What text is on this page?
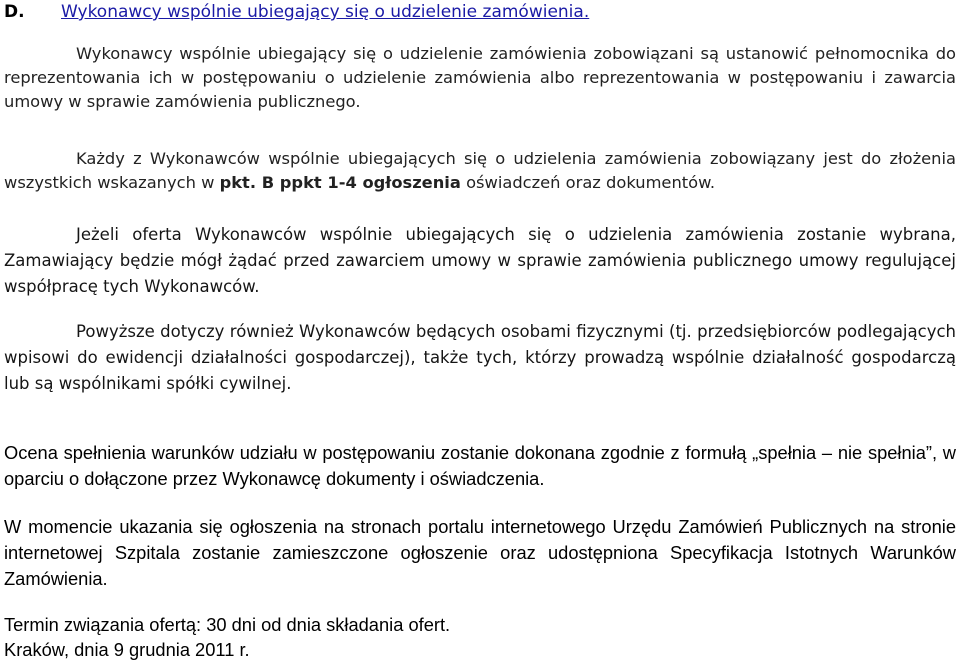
D. Wykonawcy wspólnie ubiegający się o udzielenie zamówienia.
Wykonawcy wspólnie ubiegający się o udzielenie zamówienia zobowiązani są ustanowić pełnomocnika do reprezentowania ich w postępowaniu o udzielenie zamówienia albo reprezentowania w postępowaniu i zawarcia umowy w sprawie zamówienia publicznego.
Każdy z Wykonawców wspólnie ubiegających się o udzielenia zamówienia zobowiązany jest do złożenia wszystkich wskazanych w pkt. B ppkt 1-4 ogłoszenia oświadczeń oraz dokumentów.
Jeżeli oferta Wykonawców wspólnie ubiegających się o udzielenia zamówienia zostanie wybrana, Zamawiający będzie mógł żądać przed zawarciem umowy w sprawie zamówienia publicznego umowy regulującej współpracę tych Wykonawców.
Powyższe dotyczy również Wykonawców będących osobami fizycznymi (tj. przedsiębiorców podlegających wpisowi do ewidencji działalności gospodarczej), także tych, którzy prowadzą wspólnie działalność gospodarczą lub są wspólnikami spółki cywilnej.
Ocena spełnienia warunków udziału w postępowaniu zostanie dokonana zgodnie z formułą „spełnia – nie spełnia”, w oparciu o dołączone przez Wykonawcę dokumenty i oświadczenia.
W momencie ukazania się ogłoszenia na stronach portalu internetowego Urzędu Zamówień Publicznych na stronie internetowej Szpitala zostanie zamieszczone ogłoszenie oraz udostępniona Specyfikacja Istotnych Warunków Zamówienia.
Termin związania ofertą: 30 dni od dnia składania ofert.
Kraków, dnia 9 grudnia 2011 r.
